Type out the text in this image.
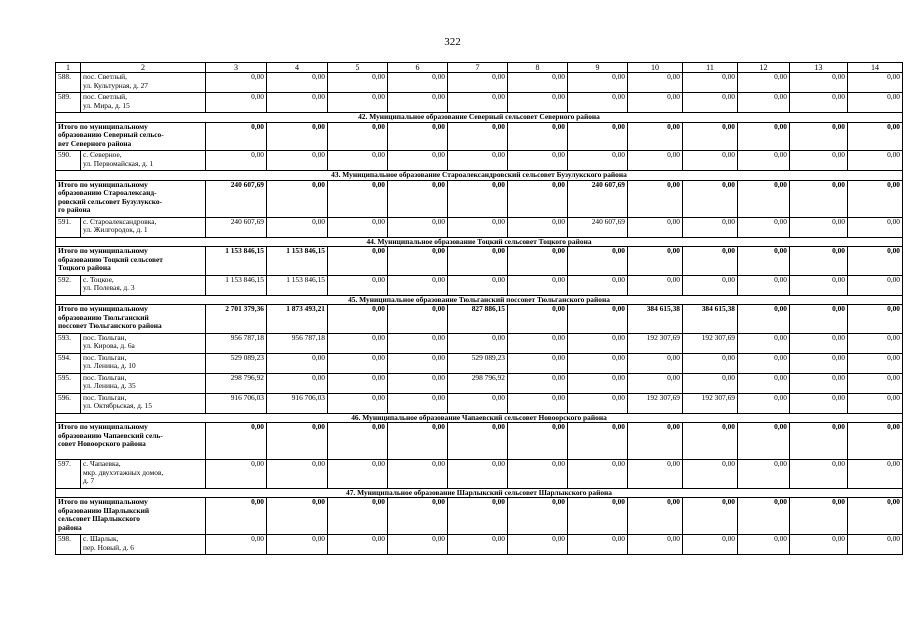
322
1	2	3	4	5	6	7	8	9	10	11	12	13	14
588.	пос. Светлый,
ул. Культурная, д. 27	0,00	0,00	0,00	0,00	0,00	0,00	0,00	0,00	0,00	0,00	0,00	0,00
589.	пос. Светлый,
ул. Мира, д. 15	0,00	0,00	0,00	0,00	0,00	0,00	0,00	0,00	0,00	0,00	0,00	0,00
42. Муниципальное образование Северный сельсовет Северного района													

Итого по муниципальному
образованию Северный сельсо-
вет Северного района		0,00	0,00	0,00	0,00	0,00	0,00	0,00	0,00	0,00	0,00	0,00	0,00
590.	с. Северное,
ул. Первомайская, д. 1	0,00	0,00	0,00	0,00	0,00	0,00	0,00	0,00	0,00	0,00	0,00	0,00
43. Муниципальное образование Староалександровский сельсовет Бузулукского района													

Итого по муниципальному
образованию Староалександ-
ровский сельсовет Бузулукско-
го района		240 607,69	0,00	0,00	0,00	0,00	0,00	240 607,69	0,00	0,00	0,00	0,00	0,00
591.	с. Староалександровка,
ул. Жилгородок, д. 1	240 607,69	0,00	0,00	0,00	0,00	0,00	240 607,69	0,00	0,00	0,00	0,00	0,00
44. Муниципальное образование Тоцкий сельсовет Тоцкого района													

Итого по муниципальному
образованию Тоцкий сельсовет
Тоцкого района		1 153 846,15	1 153 846,15	0,00	0,00	0,00	0,00	0,00	0,00	0,00	0,00	0,00	0,00
592.	с. Тоцкое,
ул. Полевая, д. 3	1 153 846,15	1 153 846,15	0,00	0,00	0,00	0,00	0,00	0,00	0,00	0,00	0,00	0,00
45. Муниципальное образование Тюльганский поссовет Тюльганского района													

Итого по муниципальному
образованию Тюльганский
поссовет Тюльганского района		2 701 379,36	1 873 493,21	0,00	0,00	827 886,15	0,00	0,00	384 615,38	384 615,38	0,00	0,00	0,00
593.	пос. Тюльган,
ул. Кирова, д. 6а	956 787,18	956 787,18	0,00	0,00	0,00	0,00	0,00	192 307,69	192 307,69	0,00	0,00	0,00
594.	пос. Тюльган,
ул. Ленина, д. 10	529 089,23	0,00	0,00	0,00	529 089,23	0,00	0,00	0,00	0,00	0,00	0,00	0,00
595.	пос. Тюльган,
ул. Ленина, д. 35	298 796,92	0,00	0,00	0,00	298 796,92	0,00	0,00	0,00	0,00	0,00	0,00	0,00
596.	пос. Тюльган,
ул. Октябрьская, д. 15	916 706,03	916 706,03	0,00	0,00	0,00	0,00	0,00	192 307,69	192 307,69	0,00	0,00	0,00
46. Муниципальное образование Чапаевский сельсовет Новоорского района													

Итого по муниципальному
образованию Чапаевский сель-
совет Новоорского района		0,00	0,00	0,00	0,00	0,00	0,00	0,00	0,00	0,00	0,00	0,00	0,00
597.	с. Чапаевка,
мкр. двухэтажных домов,
д. 7	0,00	0,00	0,00	0,00	0,00	0,00	0,00	0,00	0,00	0,00	0,00	0,00
47. Муниципальное образование Шарлыкский сельсовет Шарлыкского района													

Итого по муниципальному
образованию Шарлыкский
сельсовет Шарлыкского
района		0,00	0,00	0,00	0,00	0,00	0,00	0,00	0,00	0,00	0,00	0,00	0,00
598.	с. Шарлык,
пер. Новый, д. 6	0,00	0,00	0,00	0,00	0,00	0,00	0,00	0,00	0,00	0,00	0,00	0,00
